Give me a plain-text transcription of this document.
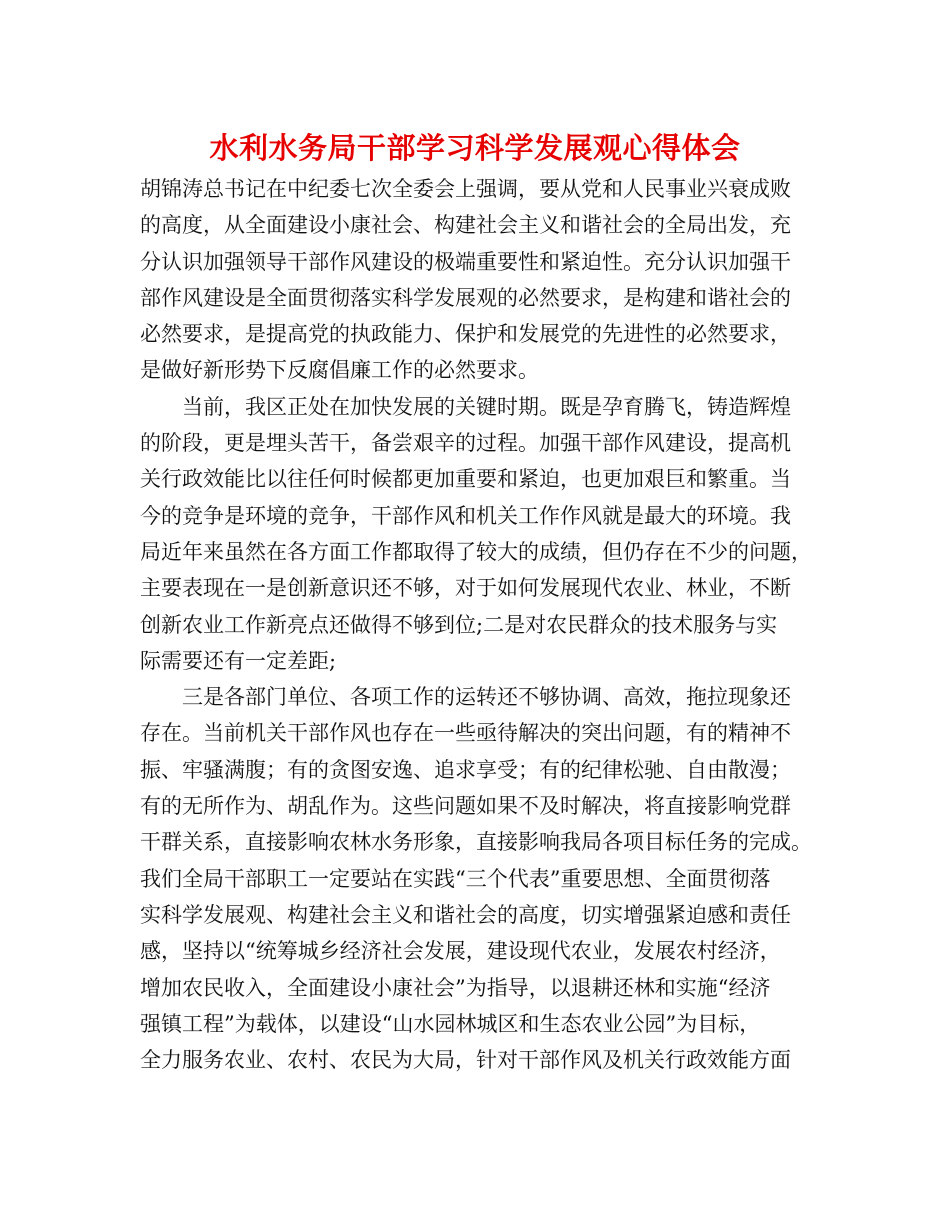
水利水务局干部学习科学发展观心得体会
胡锦涛总书记在中纪委七次全委会上强调，要从党和人民事业兴衰成败
的高度，从全面建设小康社会、构建社会主义和谐社会的全局出发，充
分认识加强领导干部作风建设的极端重要性和紧迫性。充分认识加强干
部作风建设是全面贯彻落实科学发展观的必然要求，是构建和谐社会的
必然要求，是提高党的执政能力、保护和发展党的先进性的必然要求，
是做好新形势下反腐倡廉工作的必然要求。
当前，我区正处在加快发展的关键时期。既是孕育腾飞，铸造辉煌
的阶段，更是埋头苦干，备尝艰辛的过程。加强干部作风建设，提高机
关行政效能比以往任何时候都更加重要和紧迫，也更加艰巨和繁重。当
今的竞争是环境的竞争，干部作风和机关工作作风就是最大的环境。我
局近年来虽然在各方面工作都取得了较大的成绩，但仍存在不少的问题，
主要表现在一是创新意识还不够，对于如何发展现代农业、林业，不断
创新农业工作新亮点还做得不够到位;二是对农民群众的技术服务与实
际需要还有一定差距;
三是各部门单位、各项工作的运转还不够协调、高效，拖拉现象还
存在。当前机关干部作风也存在一些亟待解决的突出问题，有的精神不
振、牢骚满腹；有的贪图安逸、追求享受；有的纪律松驰、自由散漫；
有的无所作为、胡乱作为。这些问题如果不及时解决，将直接影响党群
干群关系，直接影响农林水务形象，直接影响我局各项目标任务的完成。
我们全局干部职工一定要站在实践“三个代表”重要思想、全面贯彻落
实科学发展观、构建社会主义和谐社会的高度，切实增强紧迫感和责任
感，坚持以“统筹城乡经济社会发展，建设现代农业，发展农村经济，
增加农民收入，全面建设小康社会”为指导，以退耕还林和实施“经济
强镇工程”为载体，以建设“山水园林城区和生态农业公园”为目标，
全力服务农业、农村、农民为大局，针对干部作风及机关行政效能方面
